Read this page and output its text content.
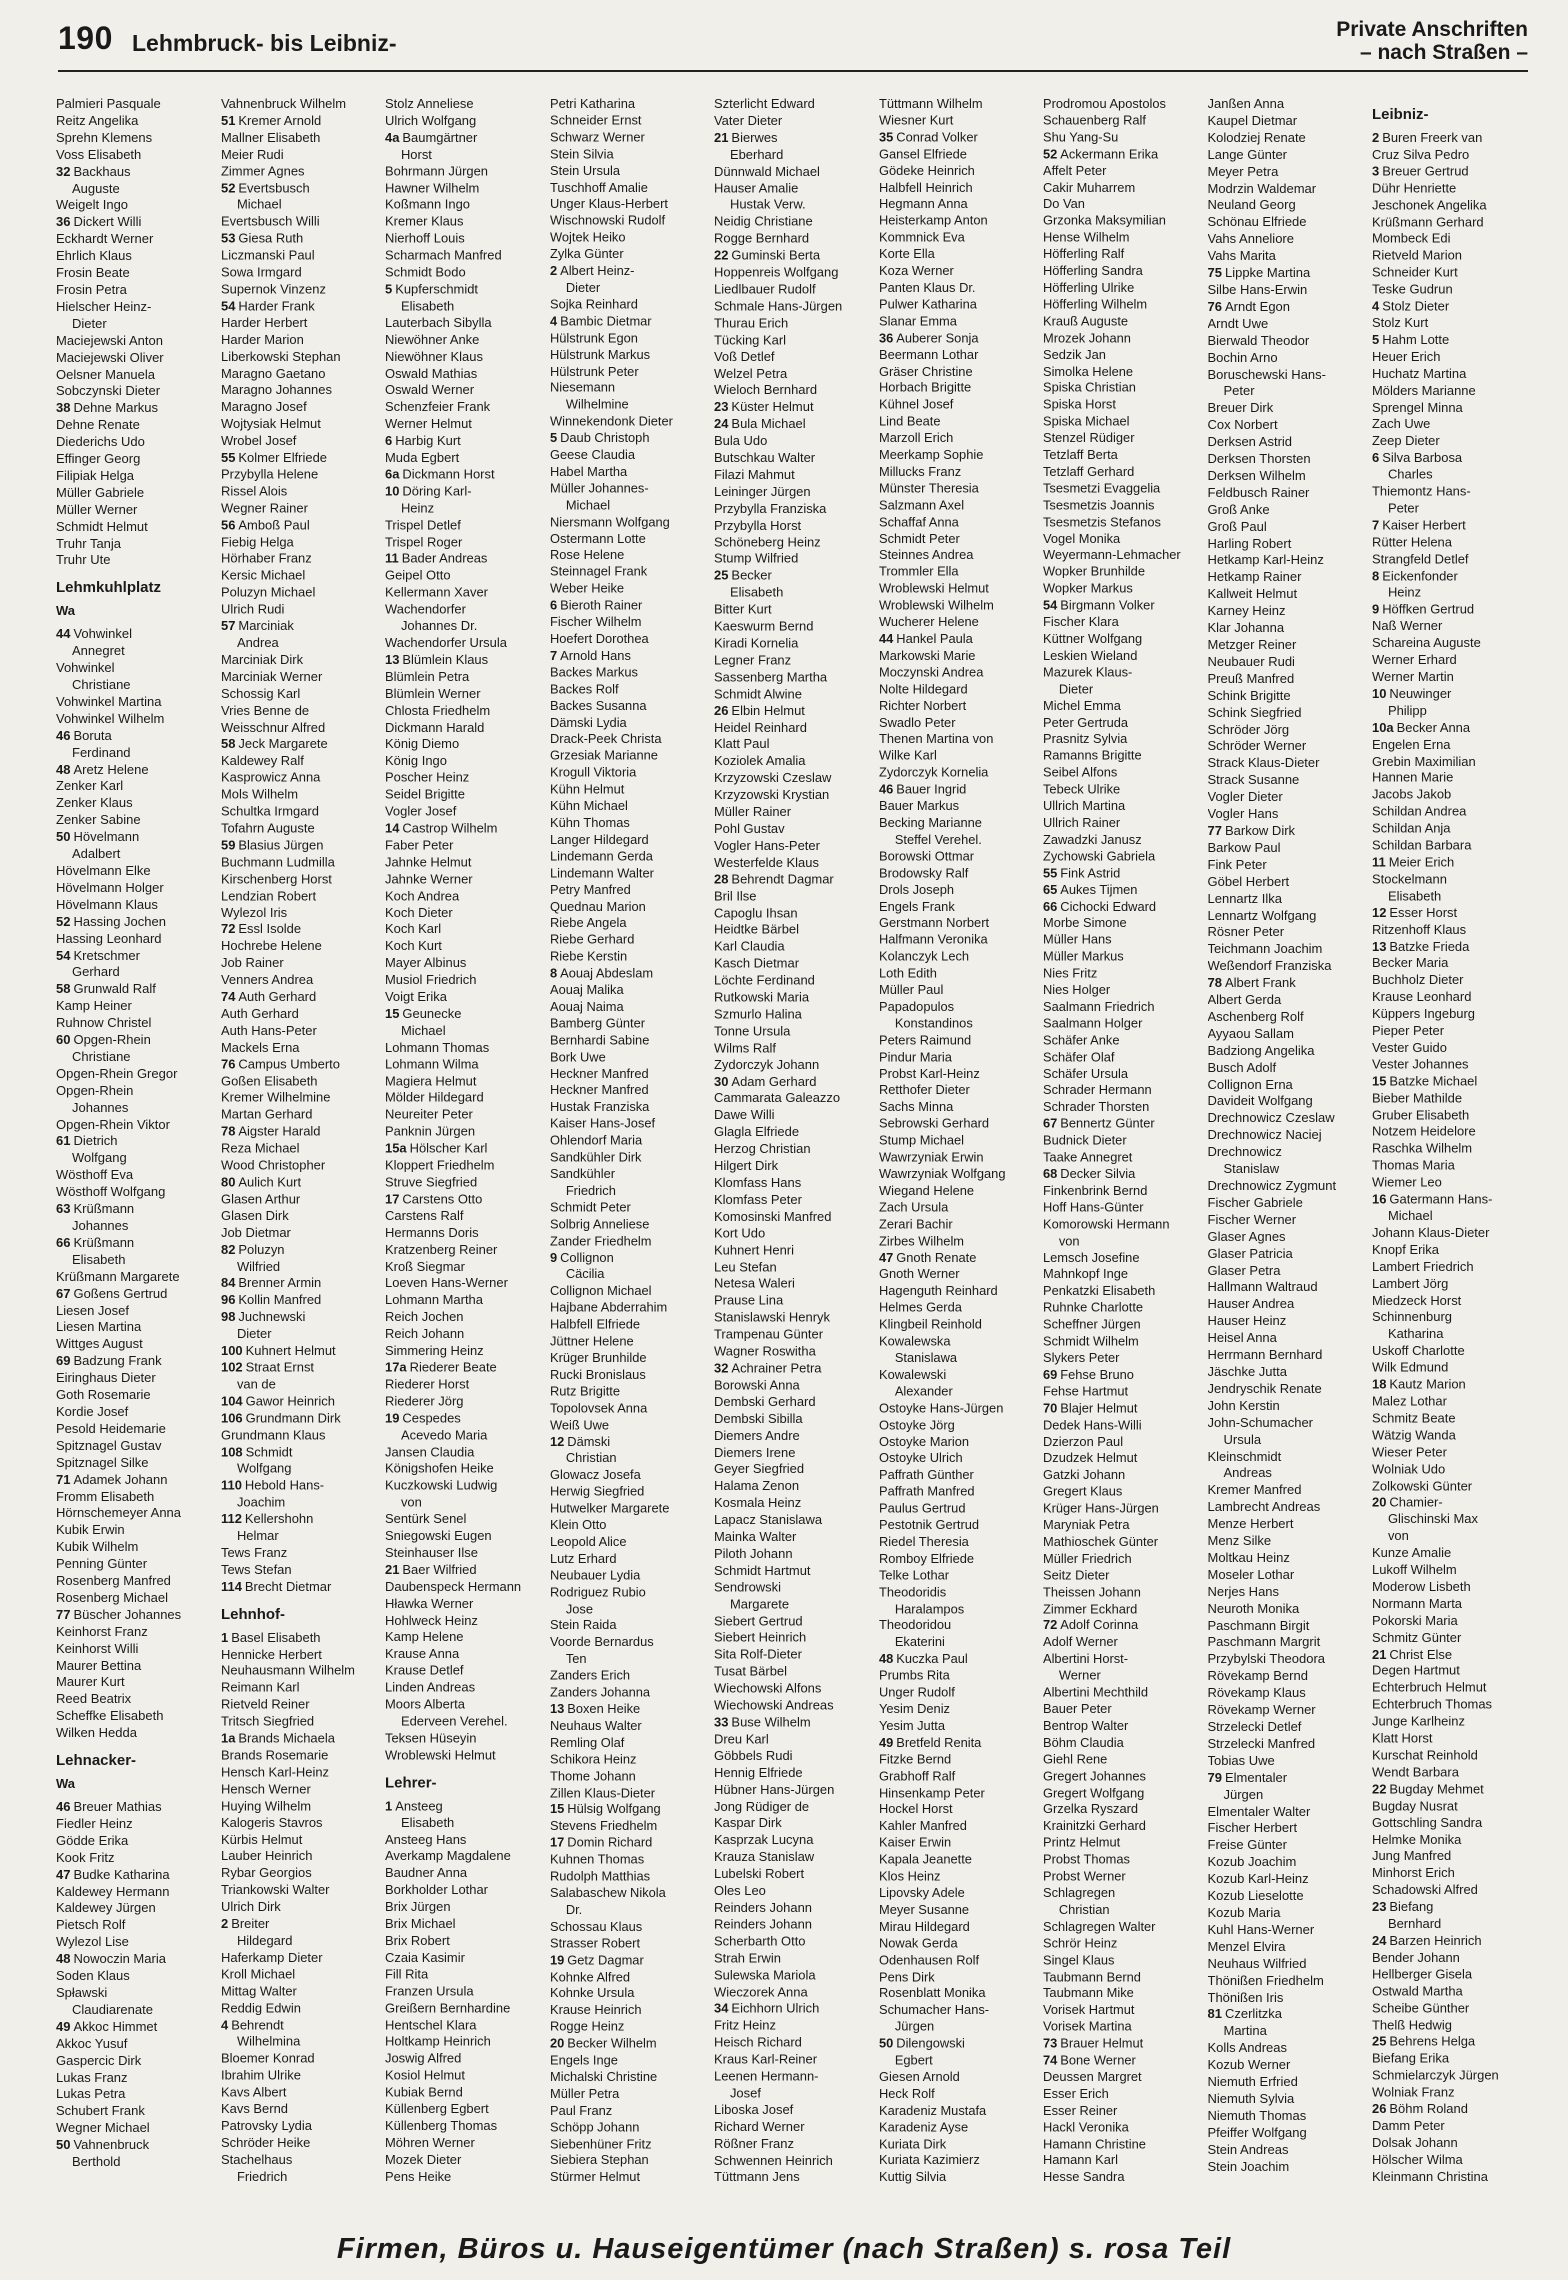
190 Lehmbruck- bis Leibniz-
Private Anschriften
– nach Straßen –
Palmieri Pasquale
Reitz Angelika
Sprehn Klemens
Voss Elisabeth
32 Backhaus
Auguste
Weigelt Ingo
36 Dickert Willi
Eckhardt Werner
Ehrlich Klaus
Frosin Beate
Frosin Petra
Hielscher Heinz-
Dieter
Maciejewski Anton
Maciejewski Oliver
Oelsner Manuela
Sobczynski Dieter
38 Dehne Markus
Dehne Renate
Diederichs Udo
Effinger Georg
Filipiak Helga
Müller Gabriele
Müller Werner
Schmidt Helmut
Truhr Tanja
Truhr Ute
Lehmkuhlplatz
Wa
44 Vohwinkel
Annegret
Vohwinkel
Christiane
Vohwinkel Martina
Vohwinkel Wilhelm
46 Boruta
Ferdinand
48 Aretz Helene
Zenker Karl
Zenker Klaus
Zenker Sabine
50 Hövelmann
Adalbert
Hövelmann Elke
Hövelmann Holger
Hövelmann Klaus
52 Hassing Jochen
Hassing Leonhard
54 Kretschmer
Gerhard
58 Grunwald Ralf
Kamp Heiner
Ruhnow Christel
60 Opgen-Rhein
Christiane
Opgen-Rhein Gregor
Opgen-Rhein
Johannes
Opgen-Rhein Viktor
61 Dietrich
Wolfgang
Wösthoff Eva
Wösthoff Wolfgang
63 Krüßmann
Johannes
66 Krüßmann
Elisabeth
Krüßmann Margarete
67 Goßens Gertrud
Liesen Josef
Liesen Martina
Wittges August
69 Badzung Frank
Eiringhaus Dieter
Goth Rosemarie
Kordie Josef
Pesold Heidemarie
Spitznagel Gustav
Spitznagel Silke
71 Adamek Johann
Fromm Elisabeth
Hörnschemeyer Anna
Kubik Erwin
Kubik Wilhelm
Penning Günter
Rosenberg Manfred
Rosenberg Michael
77 Büscher Johannes
Keinhorst Franz
Keinhorst Willi
Maurer Bettina
Maurer Kurt
Reed Beatrix
Scheffke Elisabeth
Wilken Hedda
Lehnacker-
Wa
46 Breuer Mathias
Fiedler Heinz
Gödde Erika
Kook Fritz
47 Budke Katharina
Kaldewey Hermann
Kaldewey Jürgen
Pietsch Rolf
Wylezol Lise
48 Nowoczin Maria
Soden Klaus
Spławski
Claudiarenate
49 Akkoc Himmet
Akkoc Yusuf
Gaspercic Dirk
Lukas Franz
Lukas Petra
Schubert Frank
Wegner Michael
50 Vahnenbruck
Berthold
Vahnenbruck Wilhelm
51 Kremer Arnold
Mallner Elisabeth
Meier Rudi
Zimmer Agnes
52 Evertsbusch
Michael
Evertsbusch Willi
53 Giesa Ruth
Liczmanski Paul
Sowa Irmgard
Supernok Vinzenz
54 Harder Frank
Harder Herbert
Harder Marion
Liberkowski Stephan
Maragno Gaetano
Maragno Johannes
Maragno Josef
Wojtysiak Helmut
Wrobel Josef
55 Kolmer Elfriede
Przybylla Helene
Rissel Alois
Wegner Rainer
56 Amboß Paul
Fiebig Helga
Hörhaber Franz
Kersic Michael
Poluzyn Michael
Ulrich Rudi
57 Marciniak
Andrea
Marciniak Dirk
Marciniak Werner
Schossig Karl
Vries Benne de
Weisschnur Alfred
58 Jeck Margarete
Kaldewey Ralf
Kasprowicz Anna
Mols Wilhelm
Schultka Irmgard
Tofahrn Auguste
59 Blasius Jürgen
Buchmann Ludmilla
Kirschenberg Horst
Lendzian Robert
Wylezol Iris
72 Essl Isolde
Hochrebe Helene
Job Rainer
Venners Andrea
74 Auth Gerhard
Auth Gerhard
Auth Hans-Peter
Mackels Erna
76 Campus Umberto
Goßen Elisabeth
Kremer Wilhelmine
Martan Gerhard
78 Aigster Harald
Reza Michael
Wood Christopher
80 Aulich Kurt
Glasen Arthur
Glasen Dirk
Job Dietmar
82 Poluzyn
Wilfried
84 Brenner Armin
96 Kollin Manfred
98 Juchnewski
Dieter
100 Kuhnert Helmut
102 Straat Ernst
van de
104 Gawor Heinrich
106 Grundmann Dirk
Grundmann Klaus
108 Schmidt
Wolfgang
110 Hebold Hans-
Joachim
112 Kellershohn
Helmar
Tews Franz
Tews Stefan
114 Brecht Dietmar
Lehnhof-
1 Basel Elisabeth
Hennicke Herbert
Neuhausmann Wilhelm
Reimann Karl
Rietveld Reiner
Tritsch Siegfried
1a Brands Michaela
Brands Rosemarie
Hensch Karl-Heinz
Hensch Werner
Huying Wilhelm
Kalogeris Stavros
Kürbis Helmut
Lauber Heinrich
Rybar Georgios
Triankowski Walter
Ulrich Dirk
2 Breiter
Hildegard
Haferkamp Dieter
Kroll Michael
Mittag Walter
Reddig Edwin
4 Behrendt
Wilhelmina
Bloemer Konrad
Ibrahim Ulrike
Kavs Albert
Kavs Bernd
Patrovsky Lydia
Schröder Heike
Stachelhaus
Friedrich
Stolz Anneliese
Ulrich Wolfgang
4a Baumgärtner
Horst
Bohrmann Jürgen
Hawner Wilhelm
Koßmann Ingo
Kremer Klaus
Nierhoff Louis
Scharmach Manfred
Schmidt Bodo
5 Kupferschmidt
Elisabeth
Lauterbach Sibylla
Niewöhner Anke
Niewöhner Klaus
Oswald Mathias
Oswald Werner
Schenzfeier Frank
Werner Helmut
6 Harbig Kurt
Muda Egbert
6a Dickmann Horst
10 Döring Karl-
Heinz
Trispel Detlef
Trispel Roger
11 Bader Andreas
Geipel Otto
Kellermann Xaver
Wachendorfer
Johannes Dr.
Wachendorfer Ursula
13 Blümlein Klaus
Blümlein Petra
Blümlein Werner
Chlosta Friedhelm
Dickmann Harald
König Diemo
König Ingo
Poscher Heinz
Seidel Brigitte
Vogler Josef
14 Castrop Wilhelm
Faber Peter
Jahnke Helmut
Jahnke Werner
Koch Andrea
Koch Dieter
Koch Karl
Koch Kurt
Mayer Albinus
Musiol Friedrich
Voigt Erika
15 Geunecke
Michael
Lohmann Thomas
Lohmann Wilma
Magiera Helmut
Mölder Hildegard
Neureiter Peter
Panknin Jürgen
15a Hölscher Karl
Kloppert Friedhelm
Struve Siegfried
17 Carstens Otto
Carstens Ralf
Hermanns Doris
Kratzenberg Reiner
Kroß Siegmar
Loeven Hans-Werner
Lohmann Martha
Reich Jochen
Reich Johann
Simmering Heinz
17a Riederer Beate
Riederer Horst
Riederer Jörg
19 Cespedes
Acevedo Maria
Jansen Claudia
Königshofen Heike
Kuczkowski Ludwig
von
Sentürk Senel
Sniegowski Eugen
Steinhauser Ilse
21 Baer Wilfried
Daubenspeck Hermann
Hławka Werner
Hohlweck Heinz
Kamp Helene
Krause Anna
Krause Detlef
Linden Andreas
Moors Alberta
Ederveen Verehel.
Teksen Hüseyin
Wroblewski Helmut
Lehrer-
1 Ansteeg
Elisabeth
Ansteeg Hans
Averkamp Magdalene
Baudner Anna
Borkholder Lothar
Brix Jürgen
Brix Michael
Brix Robert
Czaia Kasimir
Fill Rita
Franzen Ursula
Greißern Bernhardine
Hentschel Klara
Holtkamp Heinrich
Joswig Alfred
Kosiol Helmut
Kubiak Bernd
Küllenberg Egbert
Küllenberg Thomas
Möhren Werner
Mozek Dieter
Pens Heike
Petri Katharina
Schneider Ernst
Schwarz Werner
Stein Silvia
Stein Ursula
Tuschhoff Amalie
Unger Klaus-Herbert
Wischnowski Rudolf
Wojtek Heiko
Zylka Günter
2 Albert Heinz-
Dieter
Sojka Reinhard
4 Bambic Dietmar
Hülstrunk Egon
Hülstrunk Markus
Hülstrunk Peter
Niesemann
Wilhelmine
Winnekendonk Dieter
5 Daub Christoph
Geese Claudia
Habel Martha
Müller Johannes-
Michael
Niersmann Wolfgang
Ostermann Lotte
Rose Helene
Steinnagel Frank
Weber Heike
6 Bieroth Rainer
Fischer Wilhelm
Hoefert Dorothea
7 Arnold Hans
Backes Markus
Backes Rolf
Backes Susanna
Dämski Lydia
Drack-Peek Christa
Grzesiak Marianne
Krogull Viktoria
Kühn Helmut
Kühn Michael
Kühn Thomas
Langer Hildegard
Lindemann Gerda
Lindemann Walter
Petry Manfred
Quednau Marion
Riebe Angela
Riebe Gerhard
Riebe Kerstin
8 Aouaj Abdeslam
Aouaj Malika
Aouaj Naima
Bamberg Günter
Bernhardi Sabine
Bork Uwe
Heckner Manfred
Heckner Manfred
Hustak Franziska
Kaiser Hans-Josef
Ohlendorf Maria
Sandkühler Dirk
Sandkühler
Friedrich
Schmidt Peter
Solbrig Anneliese
Zander Friedhelm
9 Collignon
Cäcilia
Collignon Michael
Hajbane Abderrahim
Halbfell Elfriede
Jüttner Helene
Krüger Brunhilde
Rucki Bronislaus
Rutz Brigitte
Topolovsek Anna
Weiß Uwe
12 Dämski
Christian
Glowacz Josefa
Herwig Siegfried
Hutwelker Margarete
Klein Otto
Leopold Alice
Lutz Erhard
Neubauer Lydia
Rodriguez Rubio
Jose
Stein Raida
Voorde Bernardus
Ten
Zanders Erich
Zanders Johanna
13 Boxen Heike
Neuhaus Walter
Remling Olaf
Schikora Heinz
Thome Johann
Zillen Klaus-Dieter
15 Hülsig Wolfgang
Stevens Friedhelm
17 Domin Richard
Kuhnen Thomas
Rudolph Matthias
Salabaschew Nikola
Dr.
Schossau Klaus
Strasser Robert
19 Getz Dagmar
Kohnke Alfred
Kohnke Ursula
Krause Heinrich
Rogge Heinz
20 Becker Wilhelm
Engels Inge
Michalski Christine
Müller Petra
Paul Franz
Schöpp Johann
Siebenhüner Fritz
Siebiera Stephan
Stürmer Helmut
Szterlicht Edward
Vater Dieter
21 Bierwes
Eberhard
Dünnwald Michael
Hauser Amalie
Hustak Verw.
Neidig Christiane
Rogge Bernhard
22 Guminski Berta
Hoppenreis Wolfgang
Liedlbauer Rudolf
Schmale Hans-Jürgen
Thurau Erich
Tücking Karl
Voß Detlef
Welzel Petra
Wieloch Bernhard
23 Küster Helmut
24 Bula Michael
Bula Udo
Butschkau Walter
Filazi Mahmut
Leininger Jürgen
Przybylla Franziska
Przybylla Horst
Schöneberg Heinz
Stump Wilfried
25 Becker
Elisabeth
Bitter Kurt
Kaeswurm Bernd
Kiradi Kornelia
Legner Franz
Sassenberg Martha
Schmidt Alwine
26 Elbin Helmut
Heidel Reinhard
Klatt Paul
Koziolek Amalia
Krzyzowski Czeslaw
Krzyzowski Krystian
Müller Rainer
Pohl Gustav
Vogler Hans-Peter
Westerfelde Klaus
28 Behrendt Dagmar
Bril Ilse
Capoglu Ihsan
Heidtke Bärbel
Karl Claudia
Kasch Dietmar
Löchte Ferdinand
Rutkowski Maria
Szmurlo Halina
Tonne Ursula
Wilms Ralf
Zydorczyk Johann
30 Adam Gerhard
Cammarata Galeazzo
Dawe Willi
Glagla Elfriede
Herzog Christian
Hilgert Dirk
Klomfass Hans
Klomfass Peter
Komosinski Manfred
Kort Udo
Kuhnert Henri
Leu Stefan
Netesa Waleri
Prause Lina
Stanislawski Henryk
Trampenau Günter
Wagner Roswitha
32 Achrainer Petra
Borowski Anna
Dembski Gerhard
Dembski Sibilla
Diemers Andre
Diemers Irene
Geyer Siegfried
Halama Zenon
Kosmala Heinz
Lapacz Stanislawa
Mainka Walter
Piloth Johann
Schmidt Hartmut
Sendrowski
Margarete
Siebert Gertrud
Siebert Heinrich
Sita Rolf-Dieter
Tusat Bärbel
Wiechowski Alfons
Wiechowski Andreas
33 Buse Wilhelm
Dreu Karl
Göbbels Rudi
Hennig Elfriede
Hübner Hans-Jürgen
Jong Rüdiger de
Kaspar Dirk
Kasprzak Lucyna
Krauza Stanislaw
Lubelski Robert
Oles Leo
Reinders Johann
Reinders Johann
Scherbarth Otto
Strah Erwin
Sulewska Mariola
Wieczorek Anna
34 Eichhorn Ulrich
Fritz Heinz
Heisch Richard
Kraus Karl-Reiner
Leenen Hermann-
Josef
Liboska Josef
Richard Werner
Rößner Franz
Schwennen Heinrich
Tüttmann Jens
Tüttmann Wilhelm
Wiesner Kurt
35 Conrad Volker
Gansel Elfriede
Gödeke Heinrich
Halbfell Heinrich
Hegmann Anna
Heisterkamp Anton
Kommnick Eva
Korte Ella
Koza Werner
Panten Klaus Dr.
Pulwer Katharina
Slanar Emma
36 Auberer Sonja
Beermann Lothar
Gräser Christine
Horbach Brigitte
Kühnel Josef
Lind Beate
Marzoll Erich
Meerkamp Sophie
Millucks Franz
Münster Theresia
Salzmann Axel
Schaffaf Anna
Schmidt Peter
Steinnes Andrea
Trommler Ella
Wroblewski Helmut
Wroblewski Wilhelm
Wucherer Helene
44 Hankel Paula
Markowski Marie
Moczynski Andrea
Nolte Hildegard
Richter Norbert
Swadlo Peter
Thenen Martina von
Wilke Karl
Zydorczyk Kornelia
46 Bauer Ingrid
Bauer Markus
Becking Marianne
Steffel Verehel.
Borowski Ottmar
Brodowsky Ralf
Drols Joseph
Engels Frank
Gerstmann Norbert
Halfmann Veronika
Kolanczyk Lech
Loth Edith
Müller Paul
Papadopulos
Konstandinos
Peters Raimund
Pindur Maria
Probst Karl-Heinz
Retthofer Dieter
Sachs Minna
Sebrowski Gerhard
Stump Michael
Wawrzyniak Erwin
Wawrzyniak Wolfgang
Wiegand Helene
Zach Ursula
Zerari Bachir
Zirbes Wilhelm
47 Gnoth Renate
Gnoth Werner
Hagenguth Reinhard
Helmes Gerda
Klingbeil Reinhold
Kowalewska
Stanislawa
Kowalewski
Alexander
Ostoyke Hans-Jürgen
Ostoyke Jörg
Ostoyke Marion
Ostoyke Ulrich
Paffrath Günther
Paffrath Manfred
Paulus Gertrud
Pestotnik Gertrud
Riedel Theresia
Romboy Elfriede
Telke Lothar
Theodoridis
Haralampos
Theodoridou
Ekaterini
48 Kuczka Paul
Prumbs Rita
Unger Rudolf
Yesim Deniz
Yesim Jutta
49 Bretfeld Renita
Fitzke Bernd
Grabhoff Ralf
Hinsenkamp Peter
Hockel Horst
Kahler Manfred
Kaiser Erwin
Kapala Jeanette
Klos Heinz
Lipovsky Adele
Meyer Susanne
Mirau Hildegard
Nowak Gerda
Odenhausen Rolf
Pens Dirk
Rosenblatt Monika
Schumacher Hans-
Jürgen
50 Dilengowski
Egbert
Giesen Arnold
Heck Rolf
Karadeniz Mustafa
Karadeniz Ayse
Kuriata Dirk
Kuriata Kazimierz
Kuttig Silvia
Prodromou Apostolos
Schauenberg Ralf
Shu Yang-Su
52 Ackermann Erika
Affelt Peter
Cakir Muharrem
Do Van
Grzonka Maksymilian
Hense Wilhelm
Höfferling Ralf
Höfferling Sandra
Höfferling Ulrike
Höfferling Wilhelm
Krauß Auguste
Mrozek Johann
Sedzik Jan
Simolka Helene
Spiska Christian
Spiska Horst
Spiska Michael
Stenzel Rüdiger
Tetzlaff Berta
Tetzlaff Gerhard
Tsesmetzi Evaggelia
Tsesmetzis Joannis
Tsesmetzis Stefanos
Vogel Monika
Weyermann-Lehmacher
Wopker Brunhilde
Wopker Markus
54 Birgmann Volker
Fischer Klara
Küttner Wolfgang
Leskien Wieland
Mazurek Klaus-
Dieter
Michel Emma
Peter Gertruda
Prasnitz Sylvia
Ramanns Brigitte
Seibel Alfons
Tebeck Ulrike
Ullrich Martina
Ullrich Rainer
Zawadzki Janusz
Zychowski Gabriela
55 Fink Astrid
65 Aukes Tijmen
66 Cichocki Edward
Morbe Simone
Müller Hans
Müller Markus
Nies Fritz
Nies Holger
Saalmann Friedrich
Saalmann Holger
Schäfer Anke
Schäfer Olaf
Schäfer Ursula
Schrader Hermann
Schrader Thorsten
67 Bennertz Günter
Budnick Dieter
Taake Annegret
68 Decker Silvia
Finkenbrink Bernd
Hoff Hans-Günter
Komorowski Hermann
von
Lemsch Josefine
Mahnkopf Inge
Penkatzki Elisabeth
Ruhnke Charlotte
Scheffner Jürgen
Schmidt Wilhelm
Slykers Peter
69 Fehse Bruno
Fehse Hartmut
70 Blajer Helmut
Dedek Hans-Willi
Dzierzon Paul
Dzudzek Helmut
Gatzki Johann
Gregert Klaus
Krüger Hans-Jürgen
Maryniak Petra
Mathioschek Günter
Müller Friedrich
Seitz Dieter
Theissen Johann
Zimmer Eckhard
72 Adolf Corinna
Adolf Werner
Albertini Horst-
Werner
Albertini Mechthild
Bauer Peter
Bentrop Walter
Böhm Claudia
Giehl Rene
Gregert Johannes
Gregert Wolfgang
Grzelka Ryszard
Krainitzki Gerhard
Printz Helmut
Probst Thomas
Probst Werner
Schlagregen
Christian
Schlagregen Walter
Schrör Heinz
Singel Klaus
Taubmann Bernd
Taubmann Mike
Vorisek Hartmut
Vorisek Martina
73 Brauer Helmut
74 Bone Werner
Deussen Margret
Esser Erich
Esser Reiner
Hackl Veronika
Hamann Christine
Hamann Karl
Hesse Sandra
Janßen Anna
Kaupel Dietmar
Kolodziej Renate
Lange Günter
Meyer Petra
Modrzin Waldemar
Neuland Georg
Schönau Elfriede
Vahs Anneliore
Vahs Marita
75 Lippke Martina
Silbe Hans-Erwin
76 Arndt Egon
Arndt Uwe
Bierwald Theodor
Bochin Arno
Boruschewski Hans-
Peter
Breuer Dirk
Cox Norbert
Derksen Astrid
Derksen Thorsten
Derksen Wilhelm
Feldbusch Rainer
Groß Anke
Groß Paul
Harling Robert
Hetkamp Karl-Heinz
Hetkamp Rainer
Kallweit Helmut
Karney Heinz
Klar Johanna
Metzger Reiner
Neubauer Rudi
Preuß Manfred
Schink Brigitte
Schink Siegfried
Schröder Jörg
Schröder Werner
Strack Klaus-Dieter
Strack Susanne
Vogler Dieter
Vogler Hans
77 Barkow Dirk
Barkow Paul
Fink Peter
Göbel Herbert
Lennartz Ilka
Lennartz Wolfgang
Rösner Peter
Teichmann Joachim
Weßendorf Franziska
78 Albert Frank
Albert Gerda
Aschenberg Rolf
Ayyaou Sallam
Badziong Angelika
Busch Adolf
Collignon Erna
Davideit Wolfgang
Drechnowicz Czeslaw
Drechnowicz Naciej
Drechnowicz
Stanislaw
Drechnowicz Zygmunt
Fischer Gabriele
Fischer Werner
Glaser Agnes
Glaser Patricia
Glaser Petra
Hallmann Waltraud
Hauser Andrea
Hauser Heinz
Heisel Anna
Herrmann Bernhard
Jäschke Jutta
Jendryschik Renate
John Kerstin
John-Schumacher
Ursula
Kleinschmidt
Andreas
Kremer Manfred
Lambrecht Andreas
Menze Herbert
Menz Silke
Moltkau Heinz
Moseler Lothar
Nerjes Hans
Neuroth Monika
Paschmann Birgit
Paschmann Margrit
Przybylski Theodora
Rövekamp Bernd
Rövekamp Klaus
Rövekamp Werner
Strzelecki Detlef
Strzelecki Manfred
Tobias Uwe
79 Elmentaler
Jürgen
Elmentaler Walter
Fischer Herbert
Freise Günter
Kozub Joachim
Kozub Karl-Heinz
Kozub Lieselotte
Kozub Maria
Kuhl Hans-Werner
Menzel Elvira
Neuhaus Wilfried
Thönißen Friedhelm
Thönißen Iris
81 Czerlitzka
Martina
Kolls Andreas
Kozub Werner
Niemuth Erfried
Niemuth Sylvia
Niemuth Thomas
Pfeiffer Wolfgang
Stein Andreas
Stein Joachim
Leibniz-
2 Buren Freerk van
Cruz Silva Pedro
3 Breuer Gertrud
Dühr Henriette
Jeschonek Angelika
Krüßmann Gerhard
Mombeck Edi
Rietveld Marion
Schneider Kurt
Teske Gudrun
4 Stolz Dieter
Stolz Kurt
5 Hahm Lotte
Heuer Erich
Huchatz Martina
Mölders Marianne
Sprengel Minna
Zach Uwe
Zeep Dieter
6 Silva Barbosa
Charles
Thiemontz Hans-
Peter
7 Kaiser Herbert
Rütter Helena
Strangfeld Detlef
8 Eickenfonder
Heinz
9 Höffken Gertrud
Naß Werner
Schareina Auguste
Werner Erhard
Werner Martin
10 Neuwinger
Philipp
10a Becker Anna
Engelen Erna
Grebin Maximilian
Hannen Marie
Jacobs Jakob
Schildan Andrea
Schildan Anja
Schildan Barbara
11 Meier Erich
Stockelmann
Elisabeth
12 Esser Horst
Ritzenhoff Klaus
13 Batzke Frieda
Becker Maria
Buchholz Dieter
Krause Leonhard
Küppers Ingeburg
Pieper Peter
Vester Guido
Vester Johannes
15 Batzke Michael
Bieber Mathilde
Gruber Elisabeth
Notzem Heidelore
Raschka Wilhelm
Thomas Maria
Wiemer Leo
16 Gatermann Hans-
Michael
Johann Klaus-Dieter
Knopf Erika
Lambert Friedrich
Lambert Jörg
Miedzeck Horst
Schinnenburg
Katharina
Uskoff Charlotte
Wilk Edmund
18 Kautz Marion
Malez Lothar
Schmitz Beate
Wätzig Wanda
Wieser Peter
Wolniak Udo
Zolkowski Günter
20 Chamier-
Glischinski Max
von
Kunze Amalie
Lukoff Wilhelm
Moderow Lisbeth
Normann Marta
Pokorski Maria
Schmitz Günter
21 Christ Else
Degen Hartmut
Echterbruch Helmut
Echterbruch Thomas
Junge Karlheinz
Klatt Horst
Kurschat Reinhold
Wendt Barbara
22 Bugday Mehmet
Bugday Nusrat
Gottschling Sandra
Helmke Monika
Jung Manfred
Minhorst Erich
Schadowski Alfred
23 Biefang
Bernhard
24 Barzen Heinrich
Bender Johann
Hellberger Gisela
Ostwald Martha
Scheibe Günther
Thelß Hedwig
25 Behrens Helga
Biefang Erika
Schmielarczyk Jürgen
Wolniak Franz
26 Böhm Roland
Damm Peter
Dolsak Johann
Hölscher Wilma
Kleinmann Christina
Firmen, Büros u. Hauseigentümer (nach Straßen) s. rosa Teil
